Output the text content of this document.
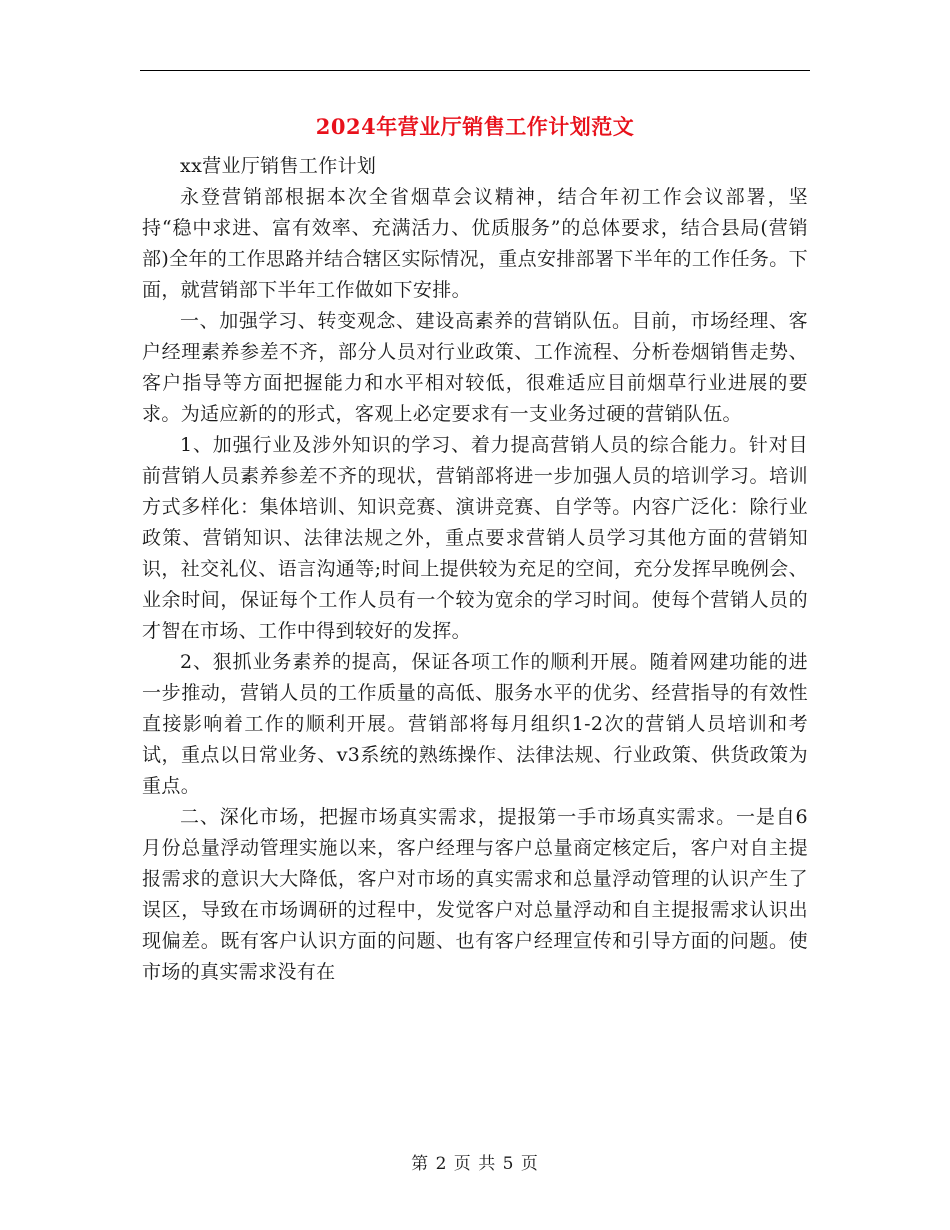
2024年营业厅销售工作计划范文

xx营业厅销售工作计划

永登营销部根据本次全省烟草会议精神，结合年初工作会议部署，坚持“稳中求进、富有效率、充满活力、优质服务”的总体要求，结合县局(营销部)全年的工作思路并结合辖区实际情况，重点安排部署下半年的工作任务。下面，就营销部下半年工作做如下安排。

一、加强学习、转变观念、建设高素养的营销队伍。目前，市场经理、客户经理素养参差不齐，部分人员对行业政策、工作流程、分析卷烟销售走势、客户指导等方面把握能力和水平相对较低，很难适应目前烟草行业进展的要求。为适应新的的形式，客观上必定要求有一支业务过硬的营销队伍。

1、加强行业及涉外知识的学习、着力提高营销人员的综合能力。针对目前营销人员素养参差不齐的现状，营销部将进一步加强人员的培训学习。培训方式多样化：集体培训、知识竞赛、演讲竞赛、自学等。内容广泛化：除行业政策、营销知识、法律法规之外，重点要求营销人员学习其他方面的营销知识，社交礼仪、语言沟通等;时间上提供较为充足的空间，充分发挥早晚例会、业余时间，保证每个工作人员有一个较为宽余的学习时间。使每个营销人员的才智在市场、工作中得到较好的发挥。

2、狠抓业务素养的提高，保证各项工作的顺利开展。随着网建功能的进一步推动，营销人员的工作质量的高低、服务水平的优劣、经营指导的有效性直接影响着工作的顺利开展。营销部将每月组织1-2次的营销人员培训和考试，重点以日常业务、v3系统的熟练操作、法律法规、行业政策、供货政策为重点。

二、深化市场，把握市场真实需求，提报第一手市场真实需求。一是自6月份总量浮动管理实施以来，客户经理与客户总量商定核定后，客户对自主提报需求的意识大大降低，客户对市场的真实需求和总量浮动管理的认识产生了误区，导致在市场调研的过程中，发觉客户对总量浮动和自主提报需求认识出现偏差。既有客户认识方面的问题、也有客户经理宣传和引导方面的问题。使市场的真实需求没有在

第 2 页 共 5 页
